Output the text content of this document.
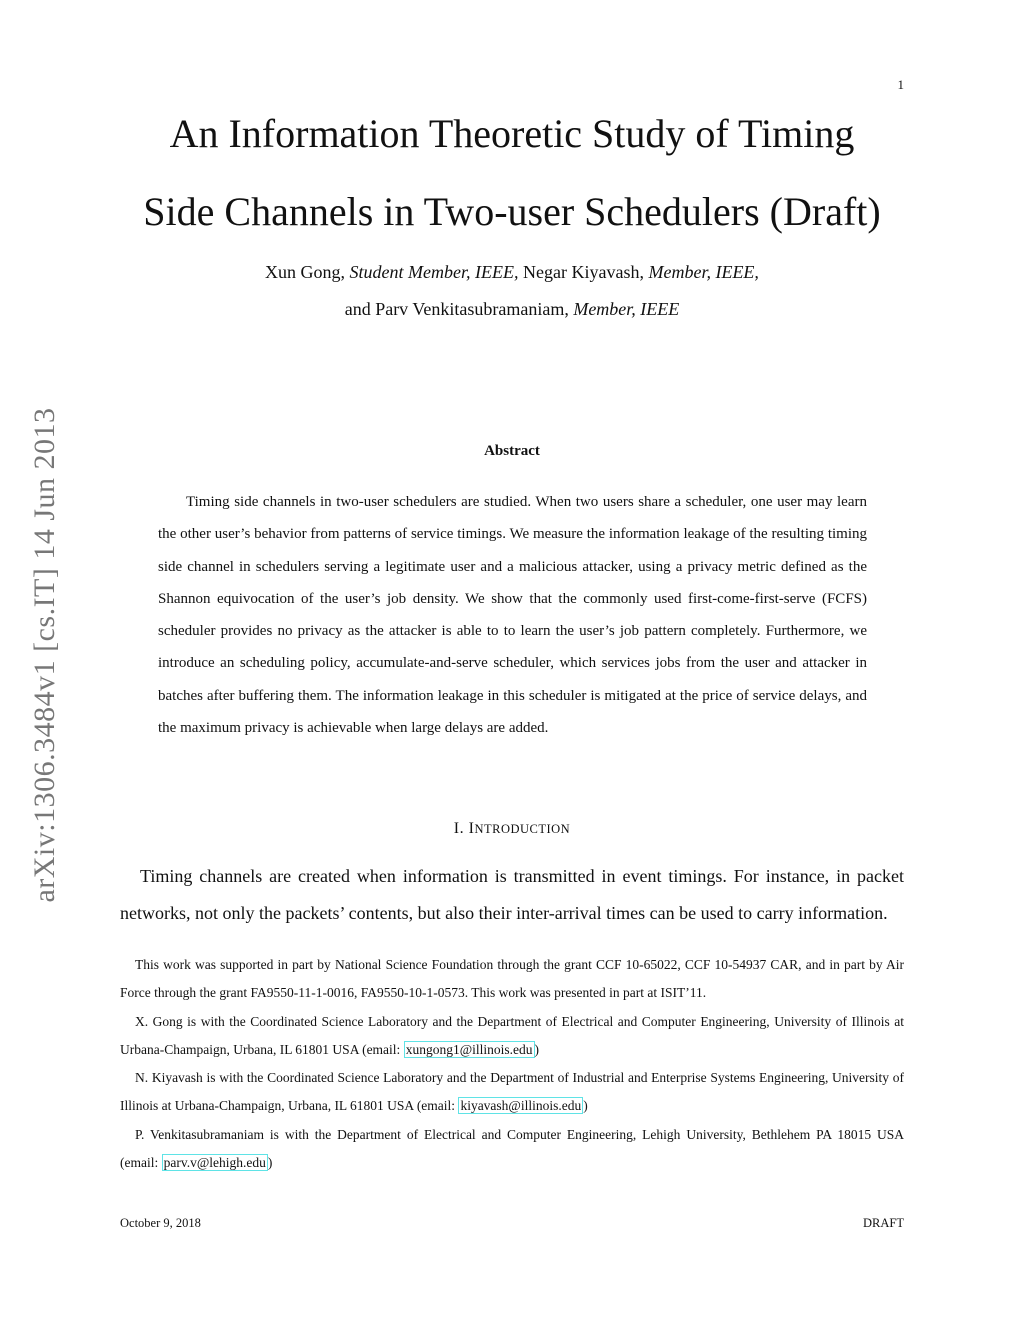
1
arXiv:1306.3484v1 [cs.IT] 14 Jun 2013
An Information Theoretic Study of Timing
Side Channels in Two-user Schedulers (Draft)
Xun Gong, Student Member, IEEE, Negar Kiyavash, Member, IEEE,
and Parv Venkitasubramaniam, Member, IEEE
Abstract
Timing side channels in two-user schedulers are studied. When two users share a scheduler, one user may learn the other user’s behavior from patterns of service timings. We measure the information leakage of the resulting timing side channel in schedulers serving a legitimate user and a malicious attacker, using a privacy metric defined as the Shannon equivocation of the user’s job density. We show that the commonly used first-come-first-serve (FCFS) scheduler provides no privacy as the attacker is able to to learn the user’s job pattern completely. Furthermore, we introduce an scheduling policy, accumulate-and-serve scheduler, which services jobs from the user and attacker in batches after buffering them. The information leakage in this scheduler is mitigated at the price of service delays, and the maximum privacy is achievable when large delays are added.
I. INTRODUCTION
Timing channels are created when information is transmitted in event timings. For instance, in packet networks, not only the packets’ contents, but also their inter-arrival times can be used to carry information.
This work was supported in part by National Science Foundation through the grant CCF 10-65022, CCF 10-54937 CAR, and in part by Air Force through the grant FA9550-11-1-0016, FA9550-10-1-0573. This work was presented in part at ISIT’11.
X. Gong is with the Coordinated Science Laboratory and the Department of Electrical and Computer Engineering, University of Illinois at Urbana-Champaign, Urbana, IL 61801 USA (email: xungong1@illinois.edu )
N. Kiyavash is with the Coordinated Science Laboratory and the Department of Industrial and Enterprise Systems Engineering, University of Illinois at Urbana-Champaign, Urbana, IL 61801 USA (email: kiyavash@illinois.edu )
P. Venkitasubramaniam is with the Department of Electrical and Computer Engineering, Lehigh University, Bethlehem PA 18015 USA (email: parv.v@lehigh.edu )
October 9, 2018	DRAFT
